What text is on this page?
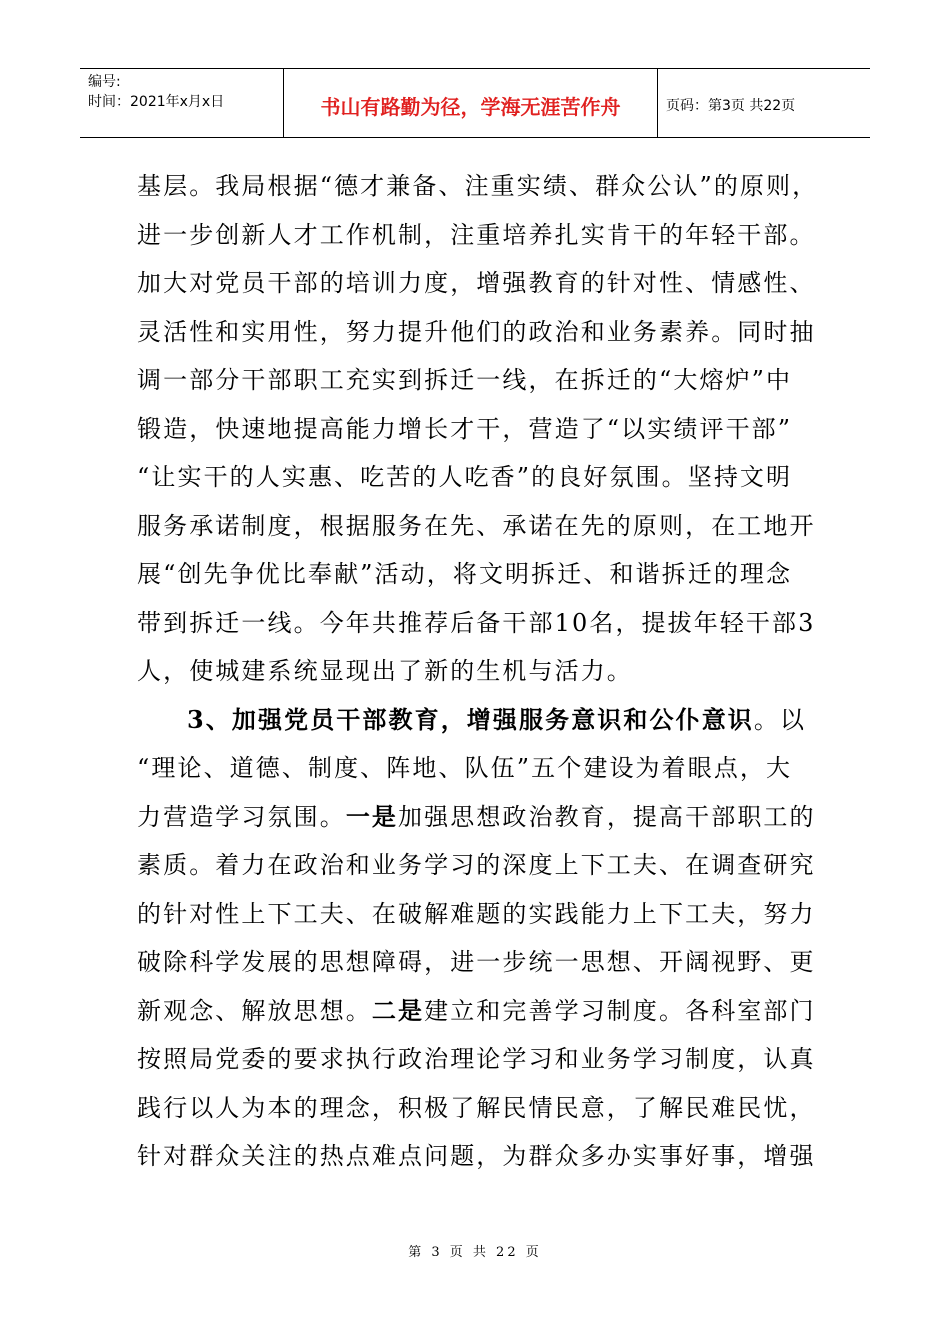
编号:
时间：2021年x月x日	书山有路勤为径，学海无涯苦作舟	页码：第3页 共22页
基层。我局根据“德才兼备、注重实绩、群众公认”的原则，
进一步创新人才工作机制，注重培养扎实肯干的年轻干部。
加大对党员干部的培训力度，增强教育的针对性、情感性、
灵活性和实用性，努力提升他们的政治和业务素养。同时抽
调一部分干部职工充实到拆迁一线，在拆迁的“大熔炉”中
锻造，快速地提高能力增长才干，营造了“以实绩评干部”
“让实干的人实惠、吃苦的人吃香”的良好氛围。坚持文明
服务承诺制度，根据服务在先、承诺在先的原则，在工地开
展“创先争优比奉献”活动，将文明拆迁、和谐拆迁的理念
带到拆迁一线。今年共推荐后备干部10名，提拔年轻干部3
人，使城建系统显现出了新的生机与活力。
3、加强党员干部教育，增强服务意识和公仆意识。以
“理论、道德、制度、阵地、队伍”五个建设为着眼点，大
力营造学习氛围。一是加强思想政治教育，提高干部职工的
素质。着力在政治和业务学习的深度上下工夫、在调查研究
的针对性上下工夫、在破解难题的实践能力上下工夫，努力
破除科学发展的思想障碍，进一步统一思想、开阔视野、更
新观念、解放思想。二是建立和完善学习制度。各科室部门
按照局党委的要求执行政治理论学习和业务学习制度，认真
践行以人为本的理念，积极了解民情民意，了解民难民忧，
针对群众关注的热点难点问题，为群众多办实事好事，增强
第 3 页 共 22 页
